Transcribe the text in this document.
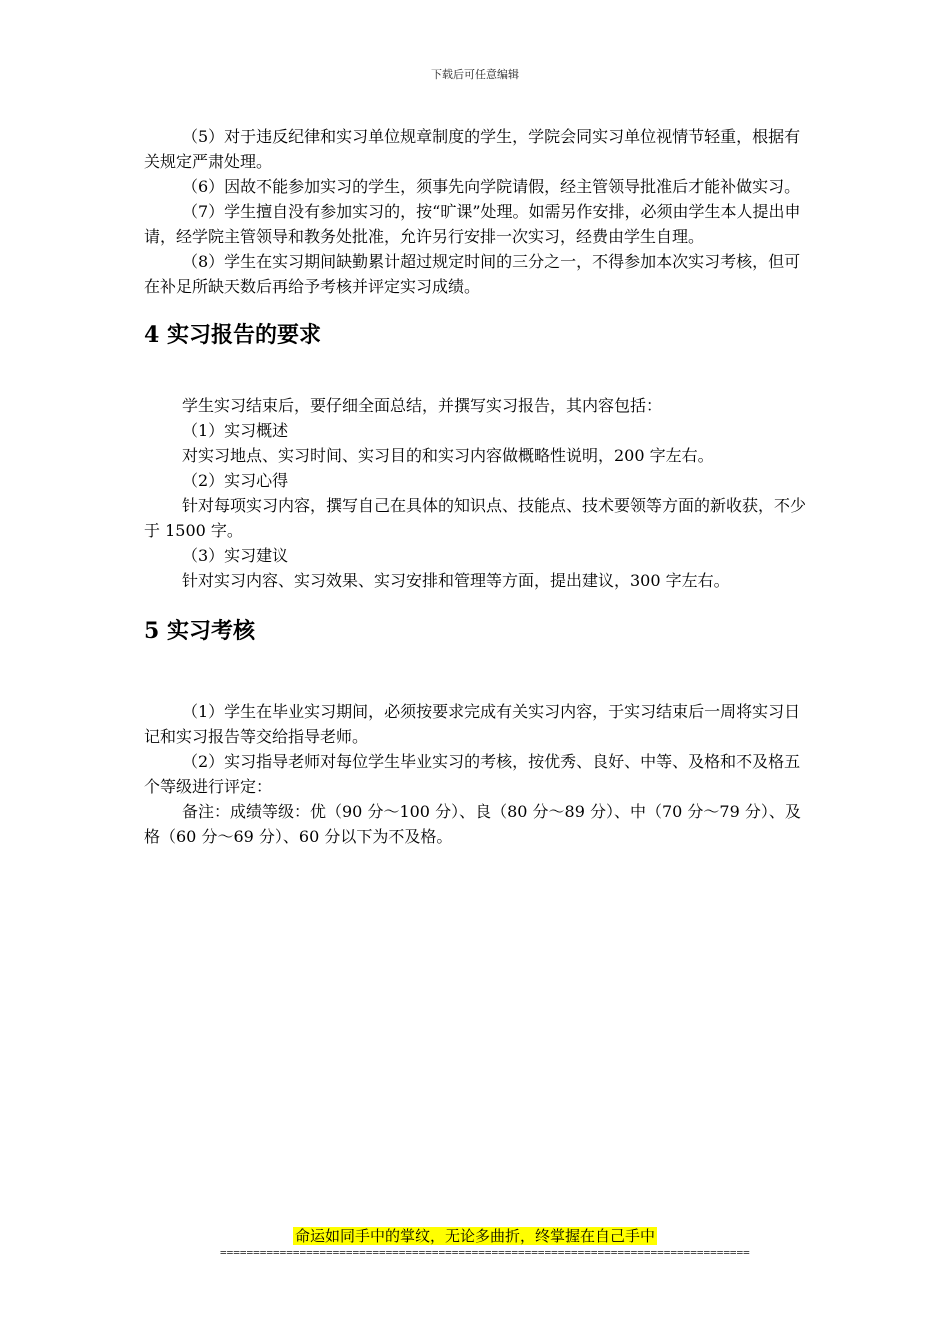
下载后可任意编辑

（5）对于违反纪律和实习单位规章制度的学生，学院会同实习单位视情节轻重，根据有关规定严肃处理。

（6）因故不能参加实习的学生，须事先向学院请假，经主管领导批准后才能补做实习。

（7）学生擅自没有参加实习的，按“旷课”处理。如需另作安排，必须由学生本人提出申请，经学院主管领导和教务处批准，允许另行安排一次实习，经费由学生自理。

（8）学生在实习期间缺勤累计超过规定时间的三分之一，不得参加本次实习考核，但可在补足所缺天数后再给予考核并评定实习成绩。

4 实习报告的要求

学生实习结束后，要仔细全面总结，并撰写实习报告，其内容包括：

（1）实习概述

对实习地点、实习时间、实习目的和实习内容做概略性说明，200 字左右。

（2）实习心得

针对每项实习内容，撰写自己在具体的知识点、技能点、技术要领等方面的新收获，不少于 1500 字。

（3）实习建议

针对实习内容、实习效果、实习安排和管理等方面，提出建议，300 字左右。

5 实习考核

（1）学生在毕业实习期间，必须按要求完成有关实习内容，于实习结束后一周将实习日记和实习报告等交给指导老师。

（2）实习指导老师对每位学生毕业实习的考核，按优秀、良好、中等、及格和不及格五个等级进行评定：

备注：成绩等级：优（90 分～100 分）、良（80 分～89 分）、中（70 分～79 分）、及格（60 分～69 分）、60 分以下为不及格。

命运如同手中的掌纹，无论多曲折，终掌握在自己手中
================================================================================
